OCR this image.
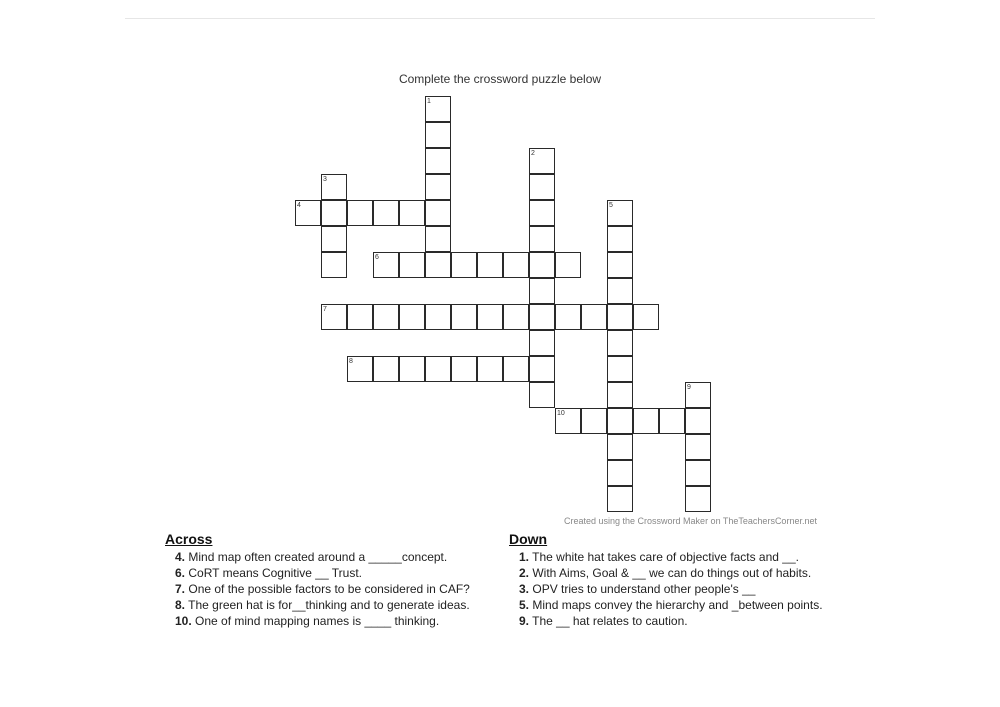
Complete the crossword puzzle below
1
2
3
4	5
6
7
8
9
10
Created using the Crossword Maker on TheTeachersCorner.net
Across
4. Mind map often created around a _____concept.
6. CoRT means Cognitive __ Trust.
7. One of the possible factors to be considered in CAF?
8. The green hat is for__thinking and to generate ideas.
10. One of mind mapping names is ____ thinking.
Down
1. The white hat takes care of objective facts and __.
2. With Aims, Goal & __ we can do things out of habits.
3. OPV tries to understand other people's __
5. Mind maps convey the hierarchy and _between points.
9. The __ hat relates to caution.
